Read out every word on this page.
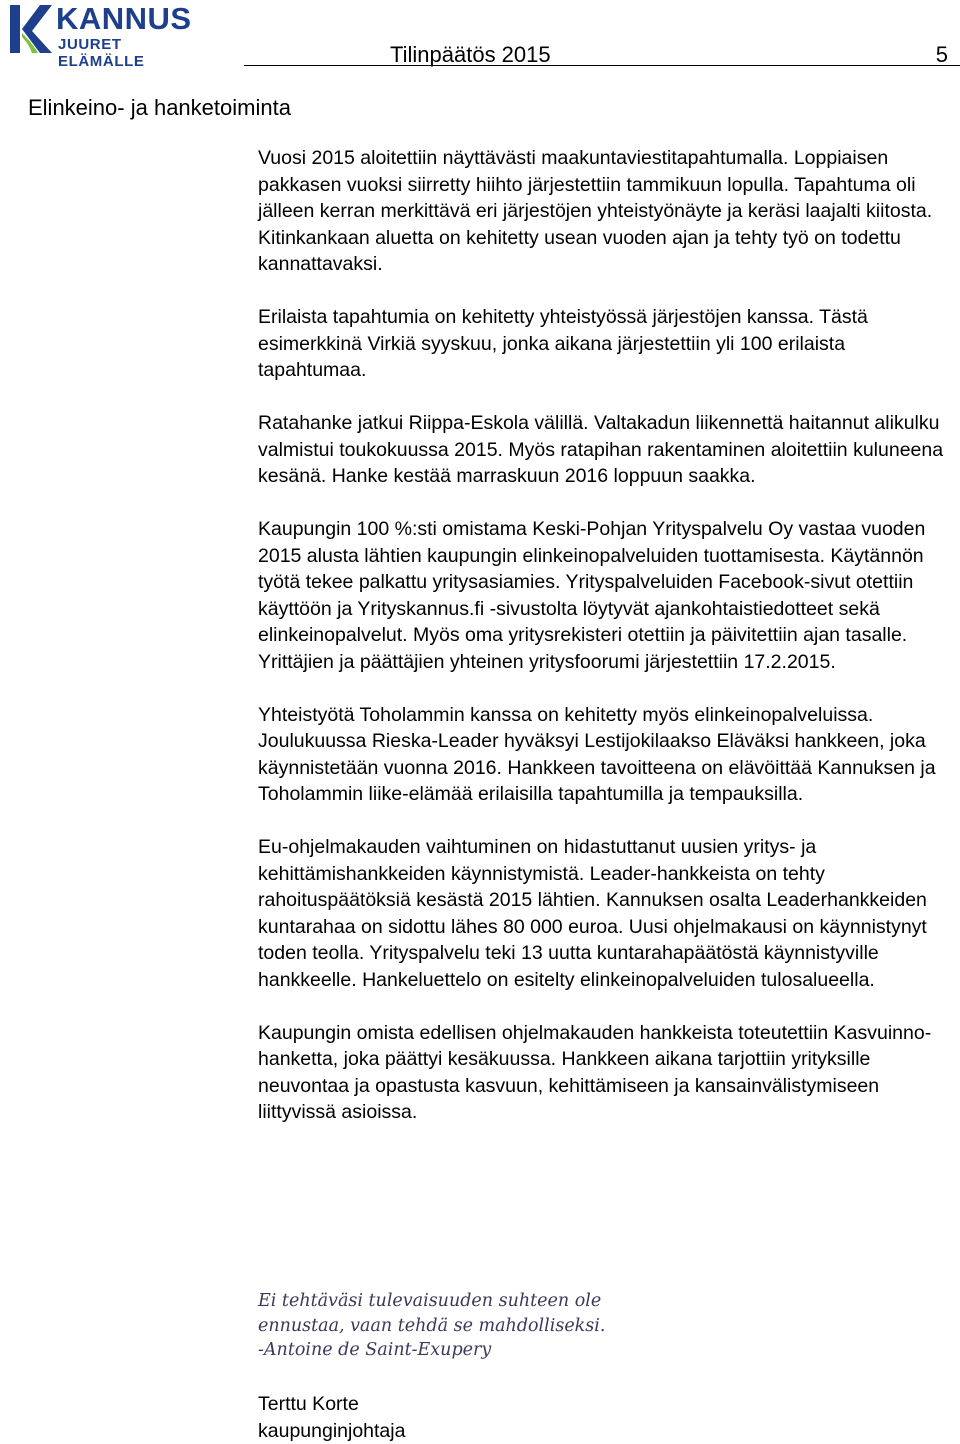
KANNUS
JUURET ELÄMÄLLE	Tilinpäätös 2015	5
Elinkeino- ja hanketoiminta

Vuosi 2015 aloitettiin näyttävästi maakuntaviestitapahtumalla. Loppiaisen pakkasen vuoksi siirretty hiihto järjestettiin tammikuun lopulla. Tapahtuma oli jälleen kerran merkittävä eri järjestöjen yhteistyönäyte ja keräsi laajalti kiitosta. Kitinkankaan aluetta on kehitetty usean vuoden ajan ja tehty työ on todettu kannattavaksi.

Erilaista tapahtumia on kehitetty yhteistyössä järjestöjen kanssa. Tästä esimerkkinä Virkiä syyskuu, jonka aikana järjestettiin yli 100 erilaista tapahtumaa.

Ratahanke jatkui Riippa-Eskola välillä. Valtakadun liikennettä haitannut alikulku valmistui toukokuussa 2015. Myös ratapihan rakentaminen aloitettiin kuluneena kesänä. Hanke kestää marraskuun 2016 loppuun saakka.

Kaupungin 100 %:sti omistama Keski-Pohjan Yrityspalvelu Oy vastaa vuoden 2015 alusta lähtien kaupungin elinkeinopalveluiden tuottamisesta. Käytännön työtä tekee palkattu yritysasiamies. Yrityspalveluiden Facebook-sivut otettiin käyttöön ja Yrityskannus.fi -sivustolta löytyvät ajankohtaistiedotteet sekä elinkeinopalvelut. Myös oma yritysrekisteri otettiin ja päivitettiin ajan tasalle. Yrittäjien ja päättäjien yhteinen yritysfoorumi järjestettiin 17.2.2015.

Yhteistyötä Toholammin kanssa on kehitetty myös elinkeinopalveluissa. Joulukuussa Rieska-Leader hyväksyi Lestijokilaakso Eläväksi hankkeen, joka käynnistetään vuonna 2016. Hankkeen tavoitteena on elävöittää Kannuksen ja Toholammin liike-elämää erilaisilla tapahtumilla ja tempauksilla.

Eu-ohjelmakauden vaihtuminen on hidastuttanut uusien yritys- ja kehittämishankkeiden käynnistymistä. Leader-hankkeista on tehty rahoituspäätöksiä kesästä 2015 lähtien. Kannuksen osalta Leaderhankkeiden kuntarahaa on sidottu lähes 80 000 euroa. Uusi ohjelmakausi on käynnistynyt toden teolla. Yrityspalvelu teki 13 uutta kuntarahapäätöstä käynnistyville hankkeelle. Hankeluettelo on esitelty elinkeinopalveluiden tulosalueella.

Kaupungin omista edellisen ohjelmakauden hankkeista toteutettiin Kasvuinno-hanketta, joka päättyi kesäkuussa. Hankkeen aikana tarjottiin yrityksille neuvontaa ja opastusta kasvuun, kehittämiseen ja kansainvälistymiseen liittyvissä asioissa.

Ei tehtäväsi tulevaisuuden suhteen ole
ennustaa, vaan tehdä se mahdolliseksi.
-Antoine de Saint-Exupery
Terttu Korte
kaupunginjohtaja
